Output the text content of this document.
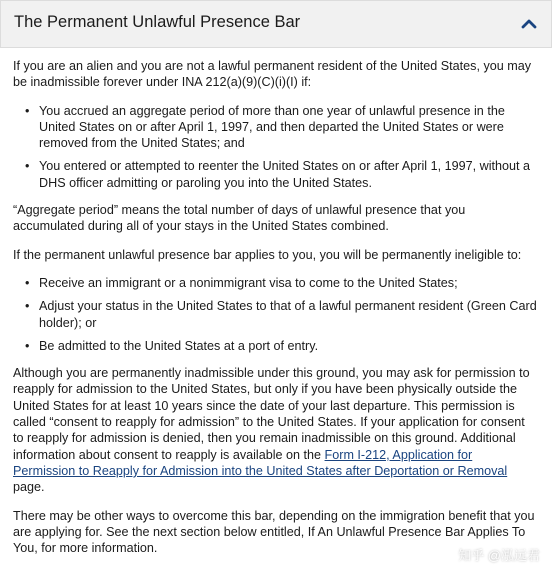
The Permanent Unlawful Presence Bar

If you are an alien and you are not a lawful permanent resident of the United States, you may be inadmissible forever under INA 212(a)(9)(C)(i)(I) if:

• You accrued an aggregate period of more than one year of unlawful presence in the United States on or after April 1, 1997, and then departed the United States or were removed from the United States; and
• You entered or attempted to reenter the United States on or after April 1, 1997, without a DHS officer admitting or paroling you into the United States.

“Aggregate period” means the total number of days of unlawful presence that you accumulated during all of your stays in the United States combined.

If the permanent unlawful presence bar applies to you, you will be permanently ineligible to:

• Receive an immigrant or a nonimmigrant visa to come to the United States;
• Adjust your status in the United States to that of a lawful permanent resident (Green Card holder); or
• Be admitted to the United States at a port of entry.

Although you are permanently inadmissible under this ground, you may ask for permission to reapply for admission to the United States, but only if you have been physically outside the United States for at least 10 years since the date of your last departure. This permission is called “consent to reapply for admission” to the United States. If your application for consent to reapply for admission is denied, then you remain inadmissible on this ground. Additional information about consent to reapply is available on the Form I-212, Application for Permission to Reapply for Admission into the United States after Deportation or Removal page.

There may be other ways to overcome this bar, depending on the immigration benefit that you are applying for. See the next section below entitled, If An Unlawful Presence Bar Applies To You, for more information.	知乎 @泓远君
